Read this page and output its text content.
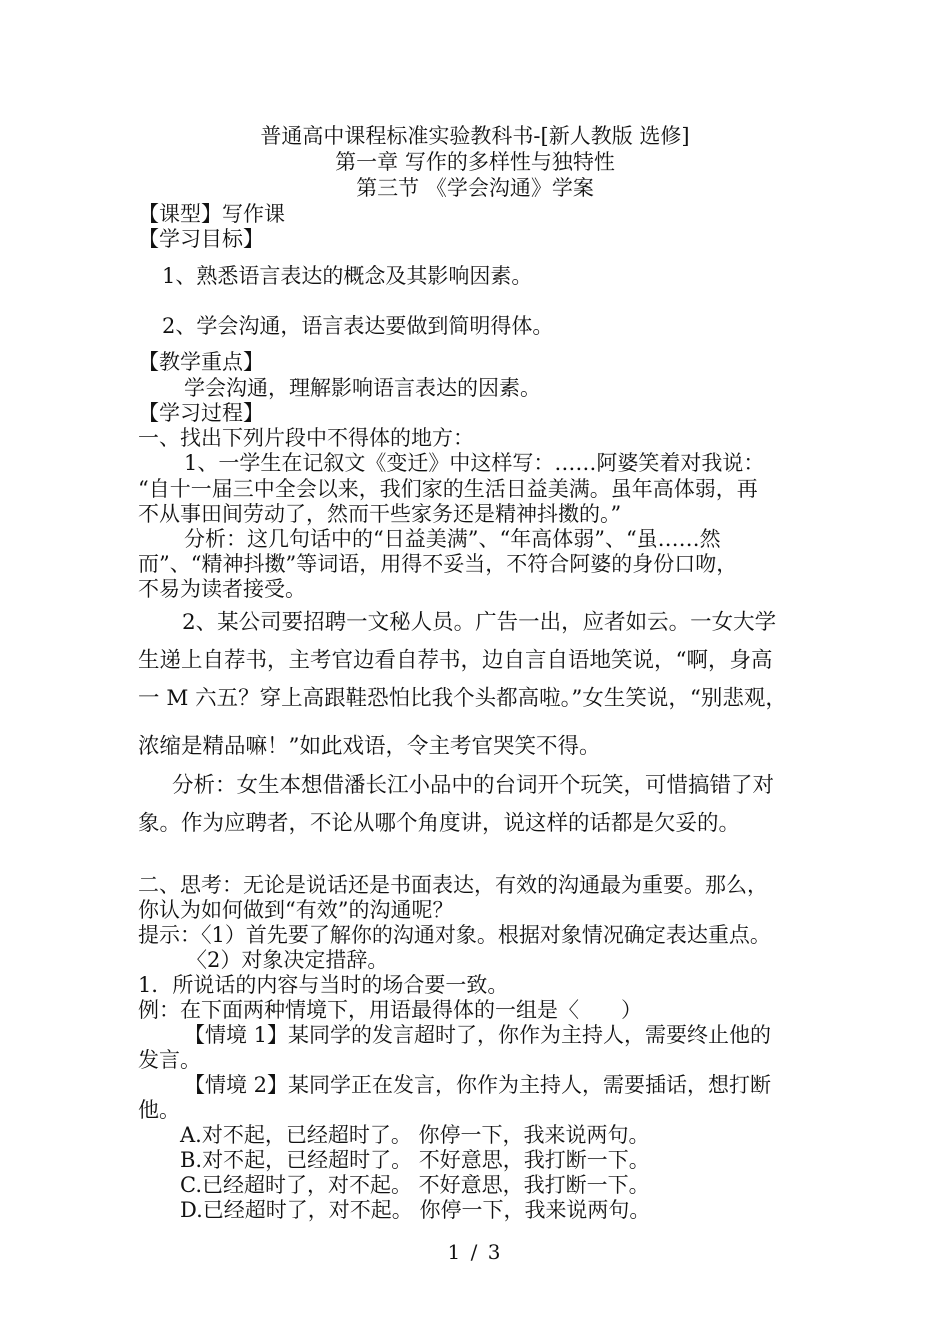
普通高中课程标准实验教科书-[新人教版 选修]
第一章 写作的多样性与独特性
第三节 《学会沟通》学案
【课型】写作课
【学习目标】
1、熟悉语言表达的概念及其影响因素。
2、学会沟通，语言表达要做到简明得体。
【教学重点】
学会沟通，理解影响语言表达的因素。
【学习过程】
一、找出下列片段中不得体的地方：
1、一学生在记叙文《变迁》中这样写：……阿婆笑着对我说：
“自十一届三中全会以来，我们家的生活日益美满。虽年高体弱，再
不从事田间劳动了，然而干些家务还是精神抖擞的。”
分析：这几句话中的“日益美满”、“年高体弱”、“虽……然
而”、“精神抖擞”等词语，用得不妥当，不符合阿婆的身份口吻，
不易为读者接受。
2、某公司要招聘一文秘人员。广告一出，应者如云。一女大学
生递上自荐书，主考官边看自荐书，边自言自语地笑说，“啊，身高
一 M 六五？穿上高跟鞋恐怕比我个头都高啦。”女生笑说，“别悲观，
浓缩是精品嘛！”如此戏语，令主考官哭笑不得。
分析：女生本想借潘长江小品中的台词开个玩笑，可惜搞错了对
象。作为应聘者，不论从哪个角度讲，说这样的话都是欠妥的。
二、思考：无论是说话还是书面表达，有效的沟通最为重要。那么，
你认为如何做到“有效”的沟通呢？
提示：〈1）首先要了解你的沟通对象。根据对象情况确定表达重点。
〈2）对象决定措辞。
1．所说话的内容与当时的场合要一致。
例：在下面两种情境下，用语最得体的一组是〈　　）
【情境 1】某同学的发言超时了，你作为主持人，需要终止他的
发言。
【情境 2】某同学正在发言，你作为主持人，需要插话，想打断
他。
A.对不起，已经超时了。 你停一下，我来说两句。
B.对不起，已经超时了。 不好意思，我打断一下。
C.已经超时了，对不起。 不好意思，我打断一下。
D.已经超时了，对不起。 你停一下，我来说两句。
1 / 3
